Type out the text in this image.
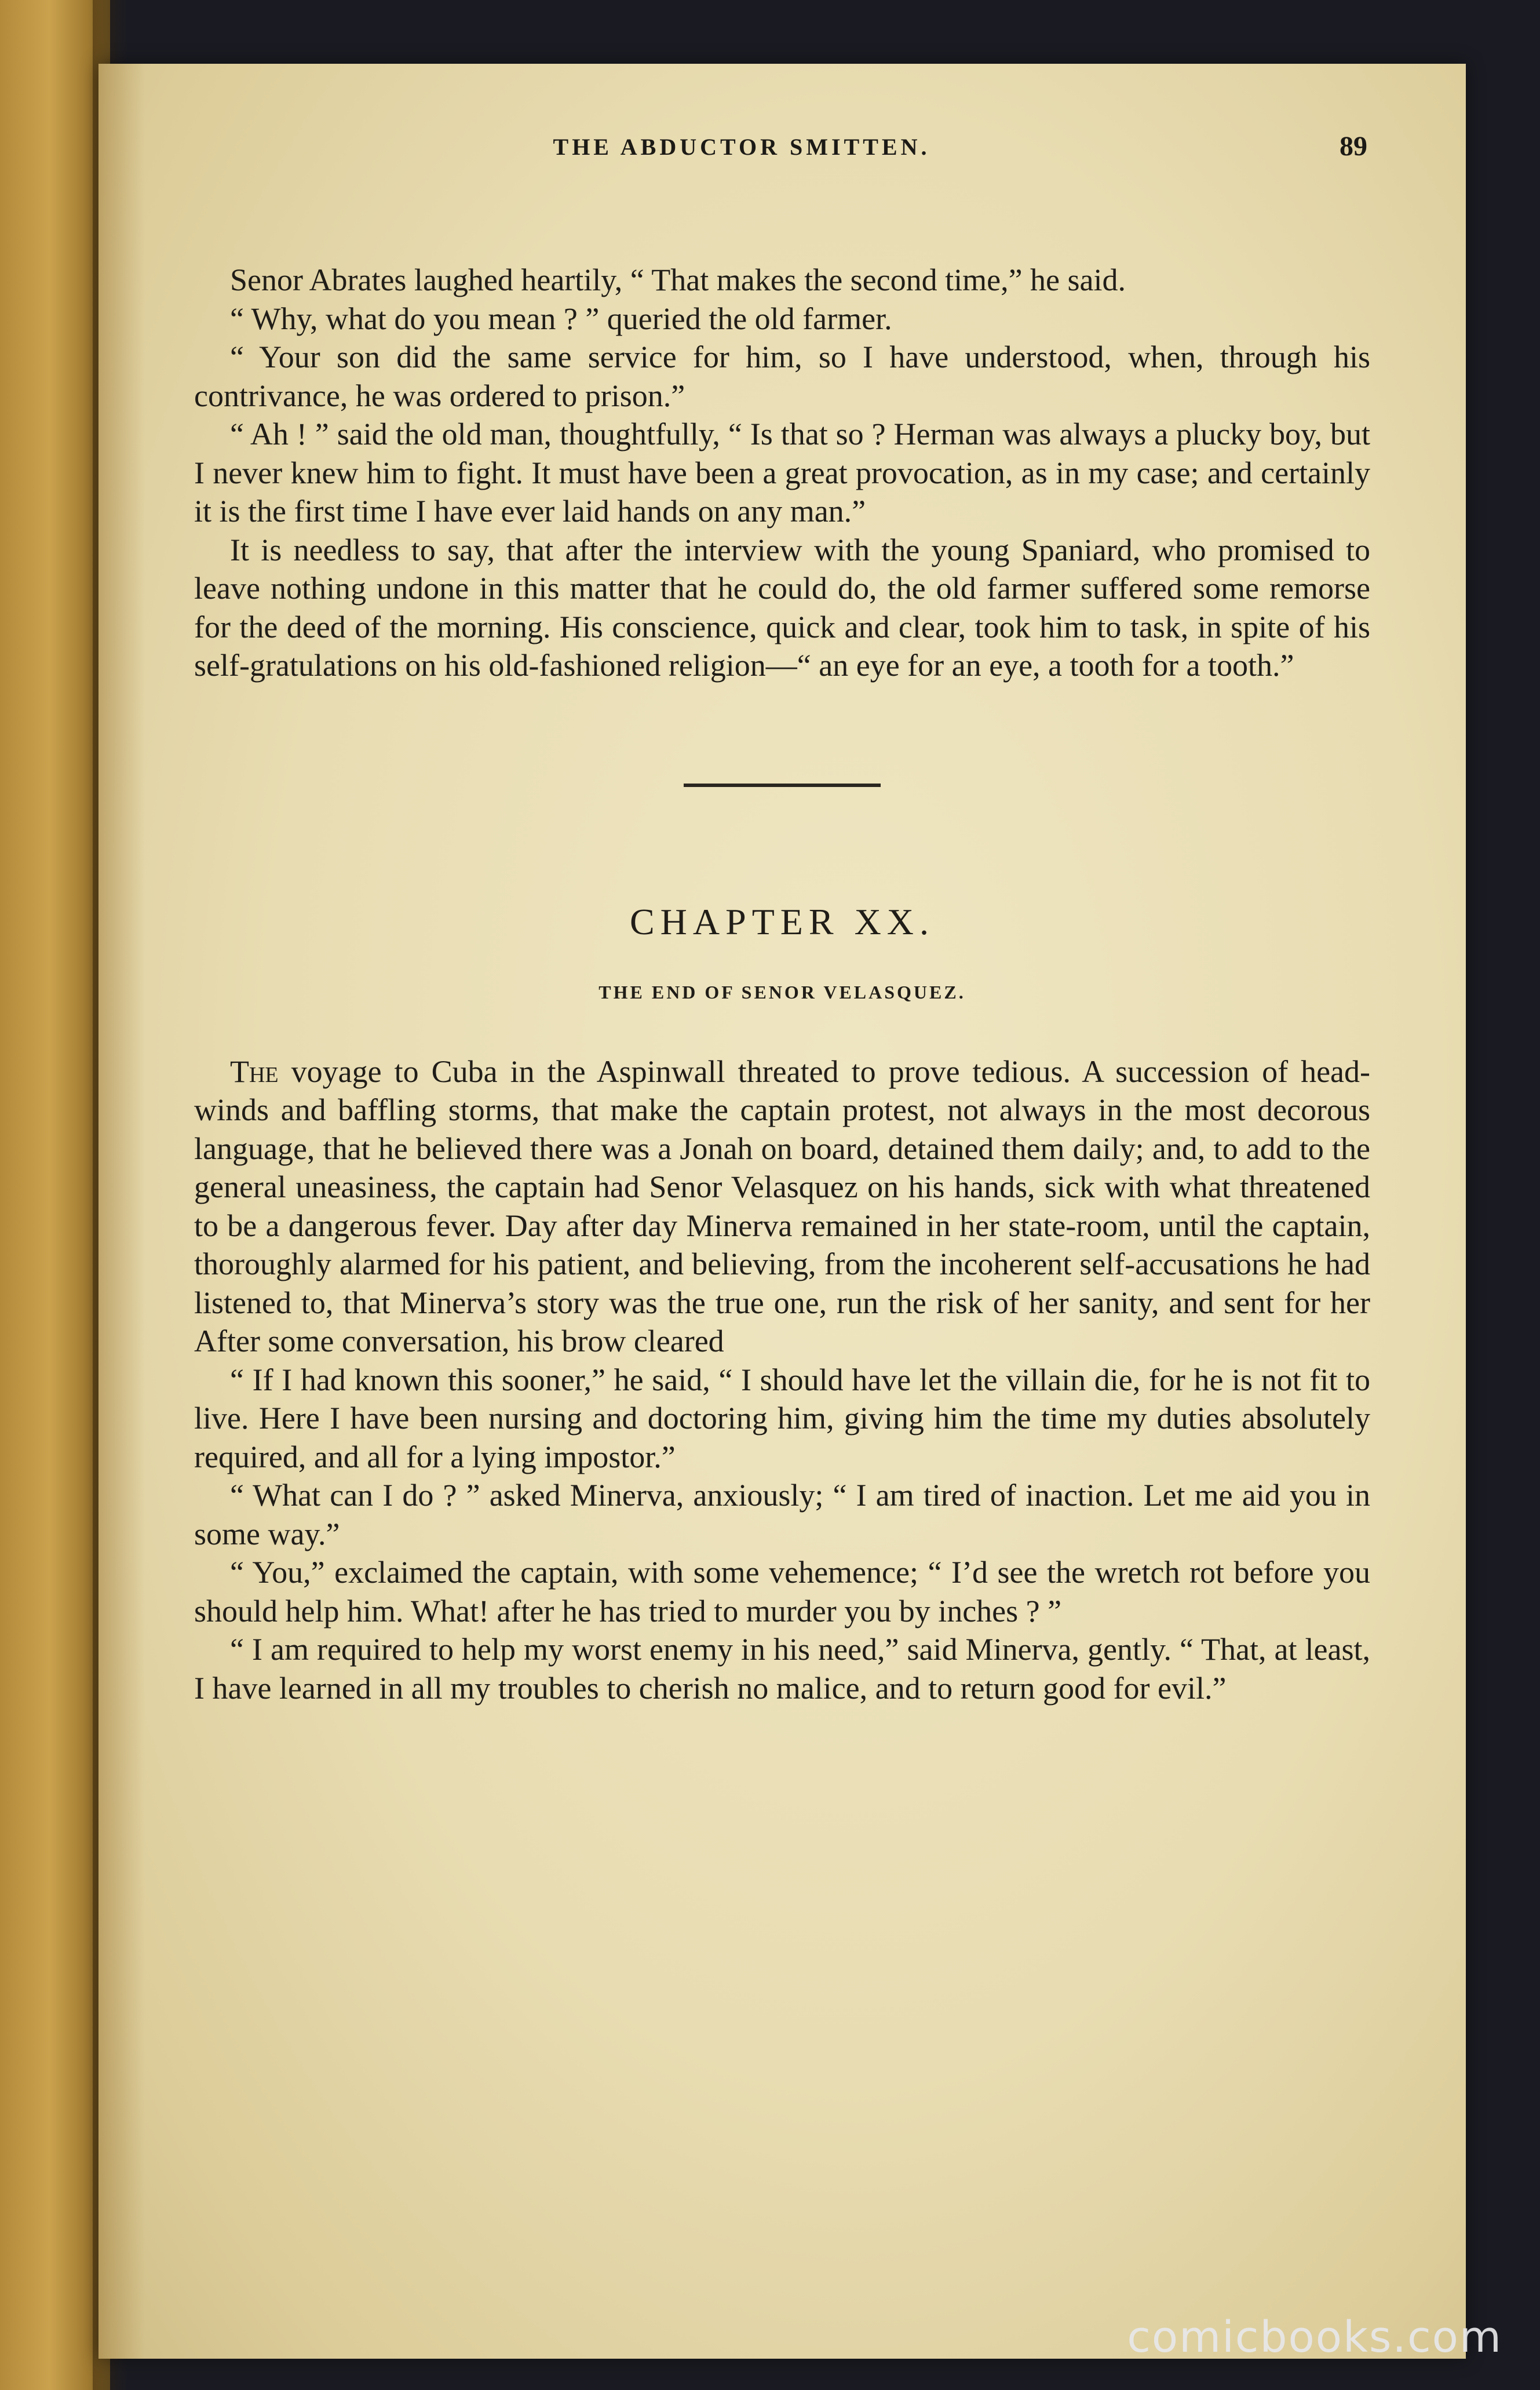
THE ABDUCTOR SMITTEN.	89

Senor Abrates laughed heartily, “ That makes the second time,” he said.

“ Why, what do you mean ? ” queried the old farmer.

“ Your son did the same service for him, so I have understood, when, through his contrivance, he was ordered to prison.”

“ Ah ! ” said the old man, thoughtfully, “ Is that so ? Herman was always a plucky boy, but I never knew him to fight. It must have been a great provocation, as in my case; and certainly it is the first time I have ever laid hands on any man.”

It is needless to say, that after the interview with the young Spaniard, who promised to leave nothing undone in this matter that he could do, the old farmer suffered some remorse for the deed of the morning. His conscience, quick and clear, took him to task, in spite of his self-gratulations on his old-fashioned religion—“ an eye for an eye, a tooth for a tooth.”

CHAPTER XX.
THE END OF SENOR VELASQUEZ.

The voyage to Cuba in the Aspinwall threated to prove tedious. A succession of head-winds and baffling storms, that make the captain protest, not always in the most decorous language, that he believed there was a Jonah on board, detained them daily; and, to add to the general uneasiness, the captain had Senor Velasquez on his hands, sick with what threatened to be a dangerous fever. Day after day Minerva remained in her state-room, until the captain, thoroughly alarmed for his patient, and believing, from the incoherent self-accusations he had listened to, that Minerva’s story was the true one, run the risk of her sanity, and sent for her After some conversation, his brow cleared

“ If I had known this sooner,” he said, “ I should have let the villain die, for he is not fit to live. Here I have been nursing and doctoring him, giving him the time my duties absolutely required, and all for a lying impostor.”

“ What can I do ? ” asked Minerva, anxiously; “ I am tired of inaction. Let me aid you in some way.”

“ You,” exclaimed the captain, with some vehemence; “ I’d see the wretch rot before you should help him. What! after he has tried to murder you by inches ? ”

“ I am required to help my worst enemy in his need,” said Minerva, gently. “ That, at least, I have learned in all my troubles to cherish no malice, and to return good for evil.”

comicbooks.com
